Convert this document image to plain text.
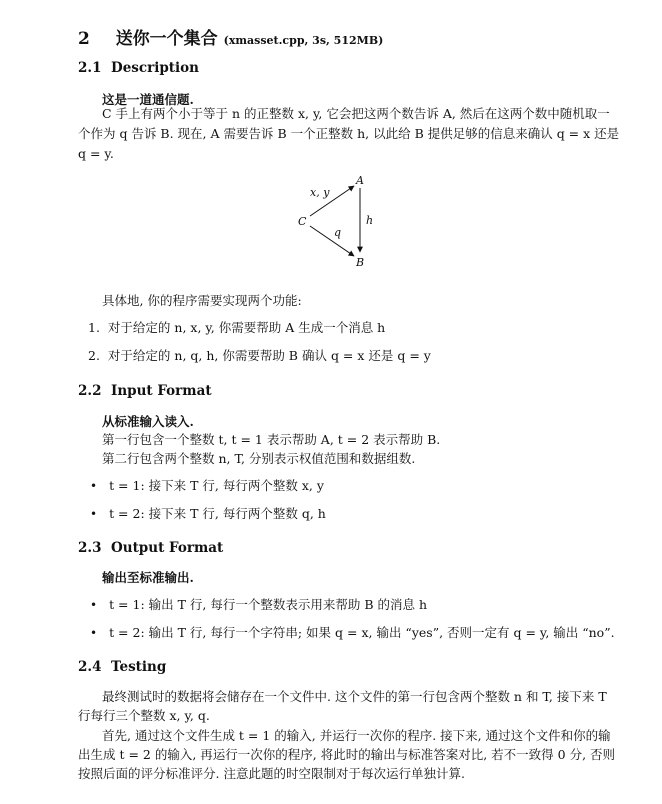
2 送你一个集合 (xmasset.cpp, 3s, 512MB)
2.1 Description
这是一道通信题.
C 手上有两个小于等于 n 的正整数 x, y, 它会把这两个数告诉 A, 然后在这两个数中随机取一
个作为 q 告诉 B. 现在, A 需要告诉 B 一个正整数 h, 以此给 B 提供足够的信息来确认 q = x 还是
q = y.
A
B
C
x, y
q
h
具体地, 你的程序需要实现两个功能:
1. 对于给定的 n, x, y, 你需要帮助 A 生成一个消息 h
2. 对于给定的 n, q, h, 你需要帮助 B 确认 q = x 还是 q = y
2.2 Input Format
从标准输入读入.
第一行包含一个整数 t, t = 1 表示帮助 A, t = 2 表示帮助 B.
第二行包含两个整数 n, T, 分别表示权值范围和数据组数.
• t = 1: 接下来 T 行, 每行两个整数 x, y
• t = 2: 接下来 T 行, 每行两个整数 q, h
2.3 Output Format
输出至标准输出.
• t = 1: 输出 T 行, 每行一个整数表示用来帮助 B 的消息 h
• t = 2: 输出 T 行, 每行一个字符串; 如果 q = x, 输出 “yes”, 否则一定有 q = y, 输出 “no”.
2.4 Testing
最终测试时的数据将会储存在一个文件中. 这个文件的第一行包含两个整数 n 和 T, 接下来 T
行每行三个整数 x, y, q.
首先, 通过这个文件生成 t = 1 的输入, 并运行一次你的程序. 接下来, 通过这个文件和你的输
出生成 t = 2 的输入, 再运行一次你的程序, 将此时的输出与标准答案对比, 若不一致得 0 分, 否则
按照后面的评分标准评分. 注意此题的时空限制对于每次运行单独计算.
